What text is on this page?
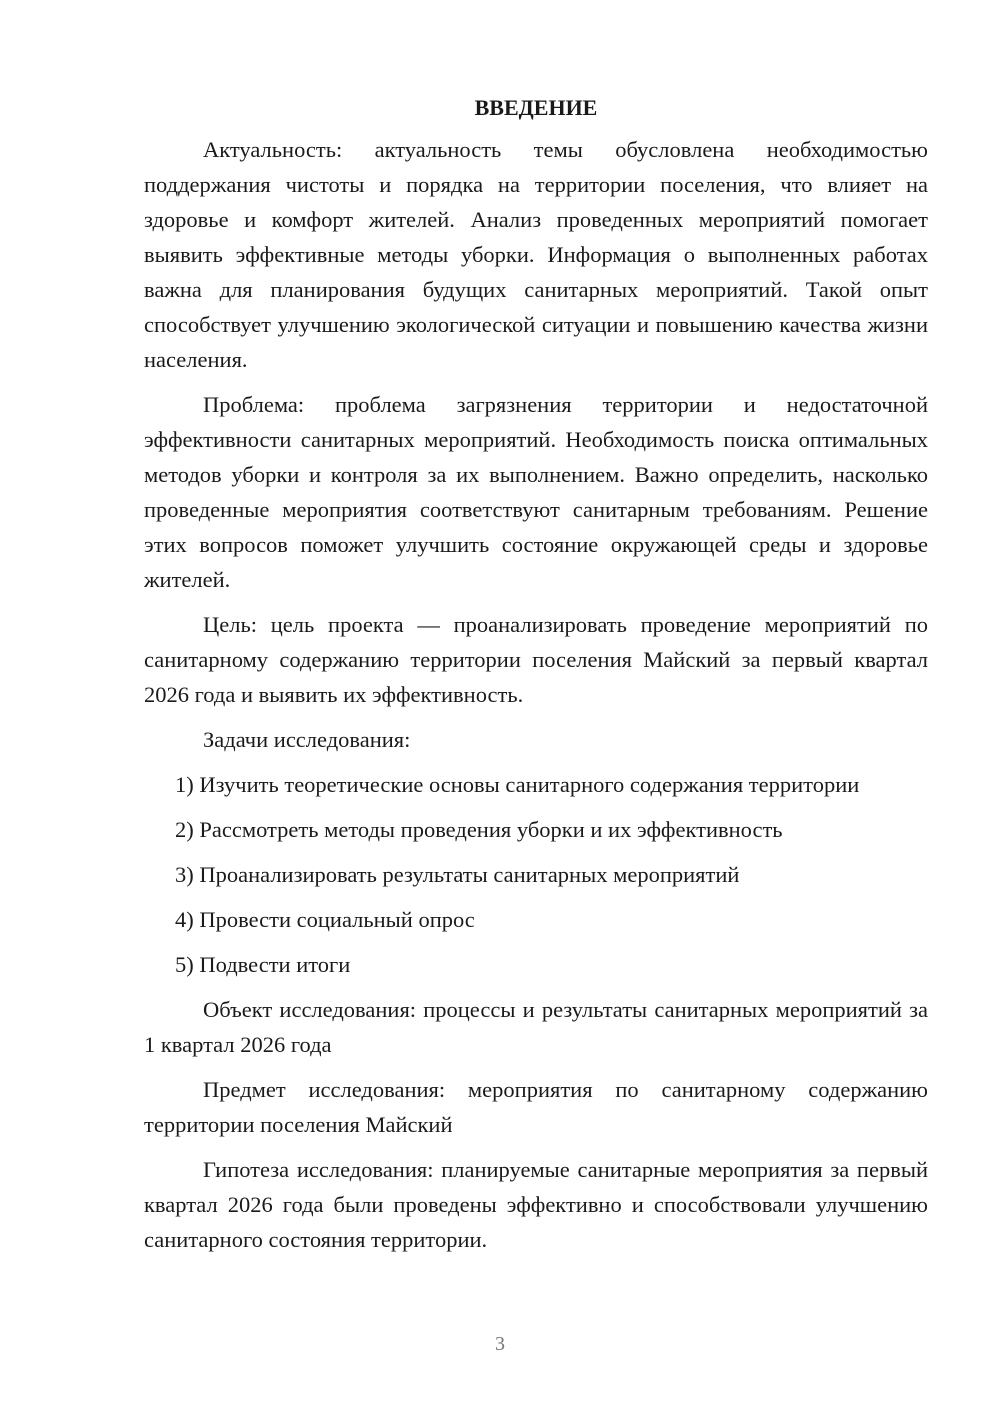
ВВЕДЕНИЕ

Актуальность: актуальность темы обусловлена необходимостью поддержания чистоты и порядка на территории поселения, что влияет на здоровье и комфорт жителей. Анализ проведенных мероприятий помогает выявить эффективные методы уборки. Информация о выполненных работах важна для планирования будущих санитарных мероприятий. Такой опыт способствует улучшению экологической ситуации и повышению качества жизни населения.

Проблема: проблема загрязнения территории и недостаточной эффективности санитарных мероприятий. Необходимость поиска оптимальных методов уборки и контроля за их выполнением. Важно определить, насколько проведенные мероприятия соответствуют санитарным требованиям. Решение этих вопросов поможет улучшить состояние окружающей среды и здоровье жителей.

Цель: цель проекта — проанализировать проведение мероприятий по санитарному содержанию территории поселения Майский за первый квартал 2026 года и выявить их эффективность.

Задачи исследования:

1) Изучить теоретические основы санитарного содержания территории

2) Рассмотреть методы проведения уборки и их эффективность

3) Проанализировать результаты санитарных мероприятий

4) Провести социальный опрос

5) Подвести итоги

Объект исследования: процессы и результаты санитарных мероприятий за 1 квартал 2026 года

Предмет исследования: мероприятия по санитарному содержанию территории поселения Майский

Гипотеза исследования: планируемые санитарные мероприятия за первый квартал 2026 года были проведены эффективно и способствовали улучшению санитарного состояния территории.

3
